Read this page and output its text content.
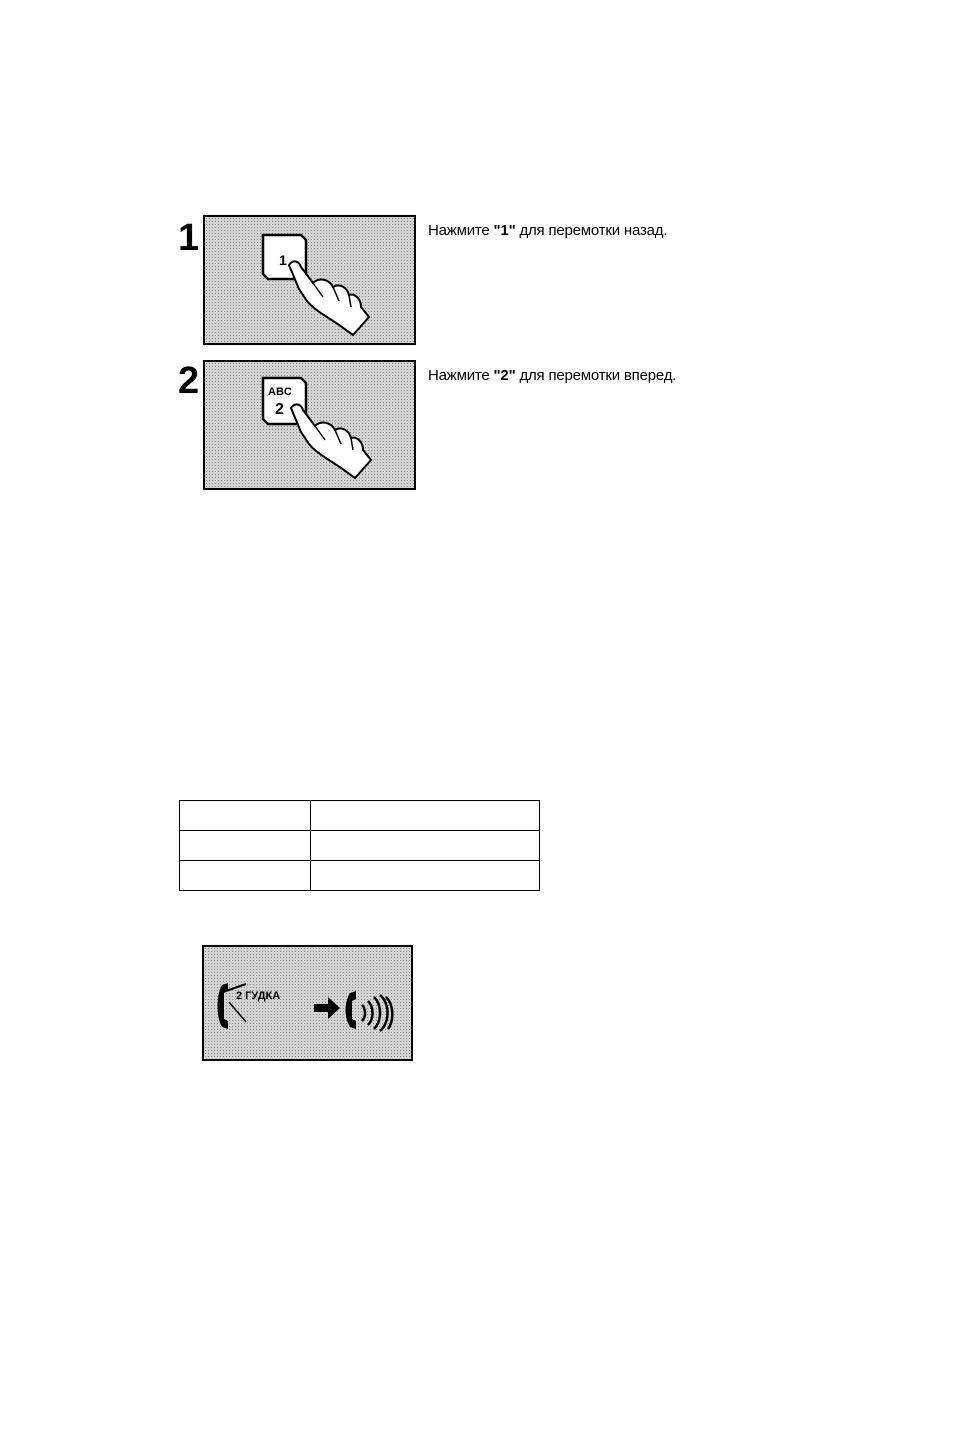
1
1
Нажмите "1" для перемотки назад.
2	ABC
2
Нажмите "2" для перемотки вперед.

2 ГУДКА
